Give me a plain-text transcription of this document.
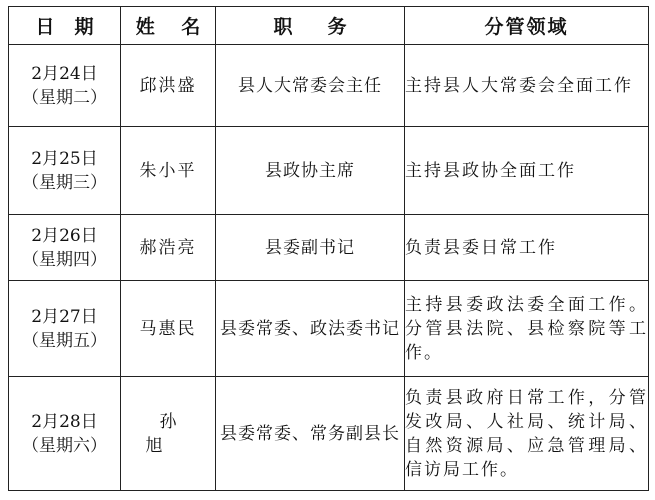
日期	姓 名	职　务	分管领域

2月24日
（星期二）	邱洪盛	县人大常委会主任	主持县人大常委会全面工作

2月25日
（星期三）	朱小平	县政协主席	主持县政协全面工作

2月26日
（星期四）	郝浩亮	县委副书记	负责县委日常工作

2月27日
（星期五）	马惠民	县委常委、政法委书记	主持县委政法委全面工作。分管县法院、县检察院等工作。

2月28日
（星期六）	孙旭	县委常委、常务副县长	负责县政府日常工作，分管发改局、人社局、统计局、自然资源局、应急管理局、信访局工作。
